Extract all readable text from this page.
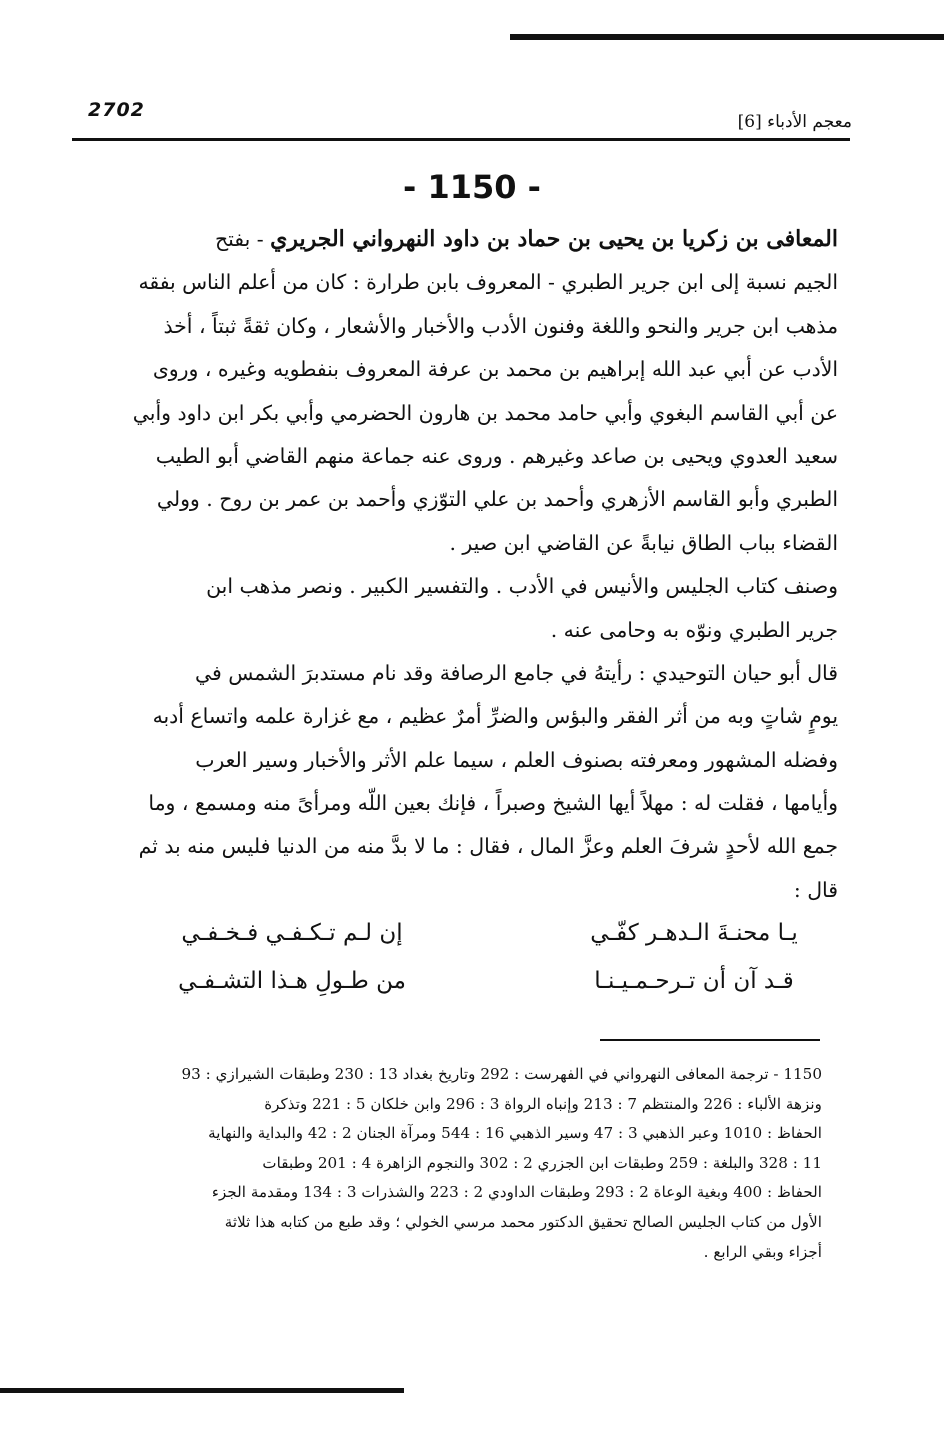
2702
معجم الأدباء [6]
- 1150 -
المعافى بن زكريا بن يحيى بن حماد بن داود النهرواني الجريري - بفتح
الجيم نسبة إلى ابن جرير الطبري - المعروف بابن طرارة : كان من أعلم الناس بفقه
مذهب ابن جرير والنحو واللغة وفنون الأدب والأخبار والأشعار ، وكان ثقةً ثبتاً ، أخذ
الأدب عن أبي عبد الله إبراهيم بن محمد بن عرفة المعروف بنفطويه وغيره ، وروى
عن أبي القاسم البغوي وأبي حامد محمد بن هارون الحضرمي وأبي بكر ابن داود وأبي
سعيد العدوي ويحيى بن صاعد وغيرهم . وروى عنه جماعة منهم القاضي أبو الطيب
الطبري وأبو القاسم الأزهري وأحمد بن علي التوّزي وأحمد بن عمر بن روح . وولي
القضاء بباب الطاق نيابةً عن القاضي ابن صير .
وصنف كتاب الجليس والأنيس في الأدب . والتفسير الكبير . ونصر مذهب ابن
جرير الطبري ونوّه به وحامى عنه .
قال أبو حيان التوحيدي : رأيتهُ في جامع الرصافة وقد نام مستدبرَ الشمس في
يومٍ شاتٍ وبه من أثر الفقر والبؤس والضرِّ أمرٌ عظيم ، مع غزارة علمه واتساع أدبه
وفضله المشهور ومعرفته بصنوف العلم ، سيما علم الأثر والأخبار وسير العرب
وأيامها ، فقلت له : مهلاً أيها الشيخ وصبراً ، فإنك بعين اللّه ومرأىً منه ومسمع ، وما
جمع الله لأحدٍ شرفَ العلم وعزَّ المال ، فقال : ما لا بدَّ منه من الدنيا فليس منه بد ثم
قال :
يـا محنـةَ الـدهـر كفّـي
إن لـم تـكـفـي فـخـفـي
قـد آن أن تـرحـمـيـنـا
من طـولِ هـذا التشـفـي
1150 - ترجمة المعافى النهرواني في الفهرست : 292 وتاريخ بغداد 13 : 230 وطبقات الشيرازي : 93
ونزهة الألباء : 226 والمنتظم 7 : 213 وإنباه الرواة 3 : 296 وابن خلكان 5 : 221 وتذكرة
الحفاظ : 1010 وعبر الذهبي 3 : 47 وسير الذهبي 16 : 544 ومرآة الجنان 2 : 42 والبداية والنهاية
11 : 328 والبلغة : 259 وطبقات ابن الجزري 2 : 302 والنجوم الزاهرة 4 : 201 وطبقات
الحفاظ : 400 وبغية الوعاة 2 : 293 وطبقات الداودي 2 : 223 والشذرات 3 : 134 ومقدمة الجزء
الأول من كتاب الجليس الصالح تحقيق الدكتور محمد مرسي الخولي ؛ وقد طبع من كتابه هذا ثلاثة
أجزاء وبقي الرابع .
